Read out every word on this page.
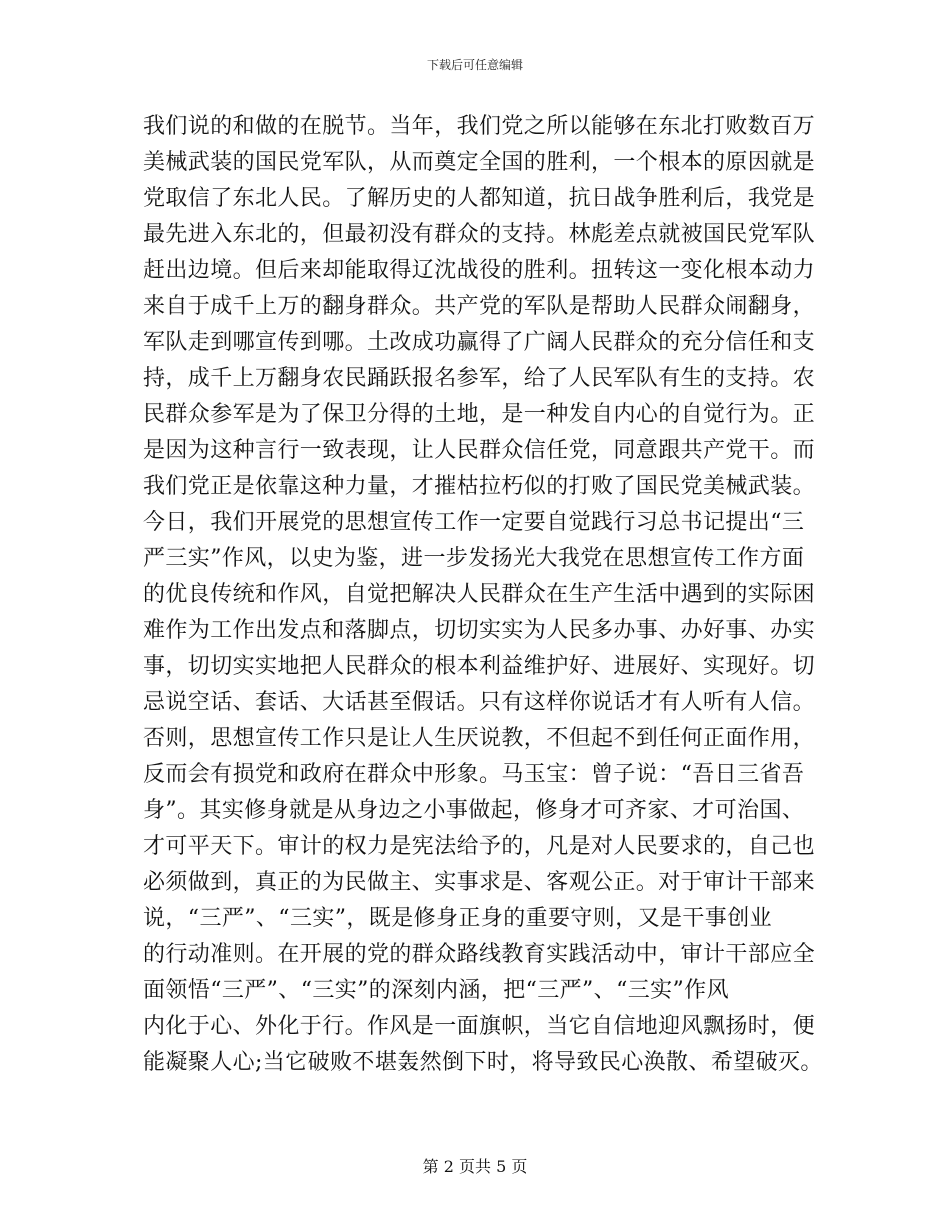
下载后可任意编辑
我们说的和做的在脱节。当年，我们党之所以能够在东北打败数百万
美械武装的国民党军队，从而奠定全国的胜利，一个根本的原因就是
党取信了东北人民。了解历史的人都知道，抗日战争胜利后，我党是
最先进入东北的，但最初没有群众的支持。林彪差点就被国民党军队
赶出边境。但后来却能取得辽沈战役的胜利。扭转这一变化根本动力
来自于成千上万的翻身群众。共产党的军队是帮助人民群众闹翻身，
军队走到哪宣传到哪。土改成功赢得了广阔人民群众的充分信任和支
持，成千上万翻身农民踊跃报名参军，给了人民军队有生的支持。农
民群众参军是为了保卫分得的土地，是一种发自内心的自觉行为。正
是因为这种言行一致表现，让人民群众信任党，同意跟共产党干。而
我们党正是依靠这种力量，才摧枯拉朽似的打败了国民党美械武装。
今日，我们开展党的思想宣传工作一定要自觉践行习总书记提出“三
严三实”作风，以史为鉴，进一步发扬光大我党在思想宣传工作方面
的优良传统和作风，自觉把解决人民群众在生产生活中遇到的实际困
难作为工作出发点和落脚点，切切实实为人民多办事、办好事、办实
事，切切实实地把人民群众的根本利益维护好、进展好、实现好。切
忌说空话、套话、大话甚至假话。只有这样你说话才有人听有人信。
否则，思想宣传工作只是让人生厌说教，不但起不到任何正面作用，
反而会有损党和政府在群众中形象。马玉宝：曾子说：“吾日三省吾
身”。其实修身就是从身边之小事做起，修身才可齐家、才可治国、
才可平天下。审计的权力是宪法给予的，凡是对人民要求的，自己也
必须做到，真正的为民做主、实事求是、客观公正。对于审计干部来
说，“三严”、“三实”，既是修身正身的重要守则，又是干事创业
的行动准则。在开展的党的群众路线教育实践活动中，审计干部应全
面领悟“三严”、“三实”的深刻内涵，把“三严”、“三实”作风
内化于心、外化于行。作风是一面旗帜，当它自信地迎风飘扬时，便
能凝聚人心;当它破败不堪轰然倒下时，将导致民心涣散、希望破灭。
第 2 页共 5 页
